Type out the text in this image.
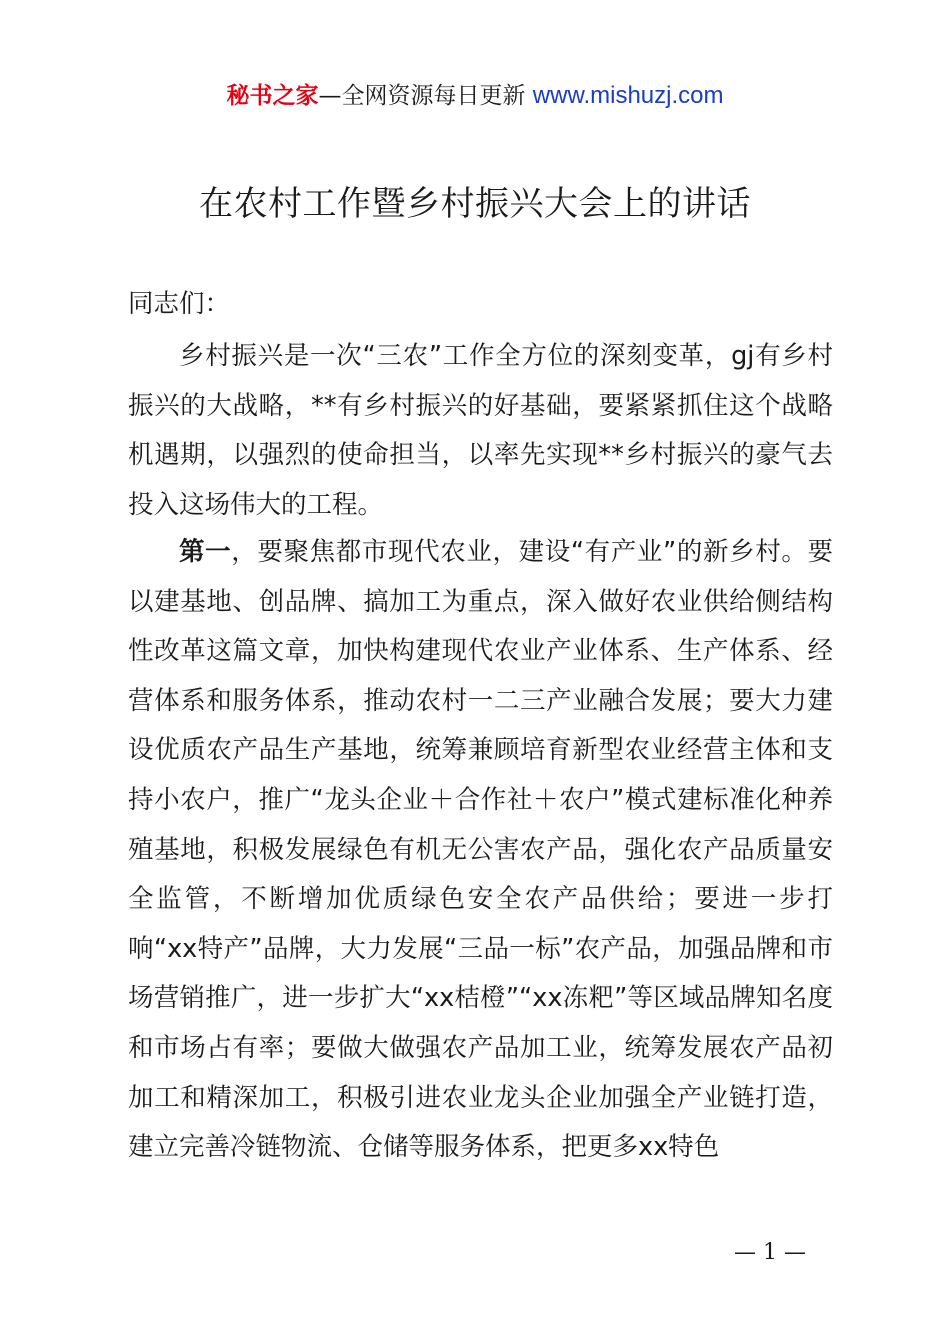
秘书之家—全网资源每日更新 www.mishuzj.com
在农村工作暨乡村振兴大会上的讲话
同志们：

乡村振兴是一次“三农”工作全方位的深刻变革，gj有乡村振兴的大战略，**有乡村振兴的好基础，要紧紧抓住这个战略机遇期，以强烈的使命担当，以率先实现**乡村振兴的豪气去投入这场伟大的工程。

第一，要聚焦都市现代农业，建设“有产业”的新乡村。要以建基地、创品牌、搞加工为重点，深入做好农业供给侧结构性改革这篇文章，加快构建现代农业产业体系、生产体系、经营体系和服务体系，推动农村一二三产业融合发展；要大力建设优质农产品生产基地，统筹兼顾培育新型农业经营主体和支持小农户，推广“龙头企业＋合作社＋农户”模式建标准化种养殖基地，积极发展绿色有机无公害农产品，强化农产品质量安全监管，不断增加优质绿色安全农产品供给；要进一步打响“xx特产”品牌，大力发展“三品一标”农产品，加强品牌和市场营销推广，进一步扩大“xx桔橙”“xx冻粑”等区域品牌知名度和市场占有率；要做大做强农产品加工业，统筹发展农产品初加工和精深加工，积极引进农业龙头企业加强全产业链打造，建立完善冷链物流、仓储等服务体系，把更多xx特色

— 1 —
